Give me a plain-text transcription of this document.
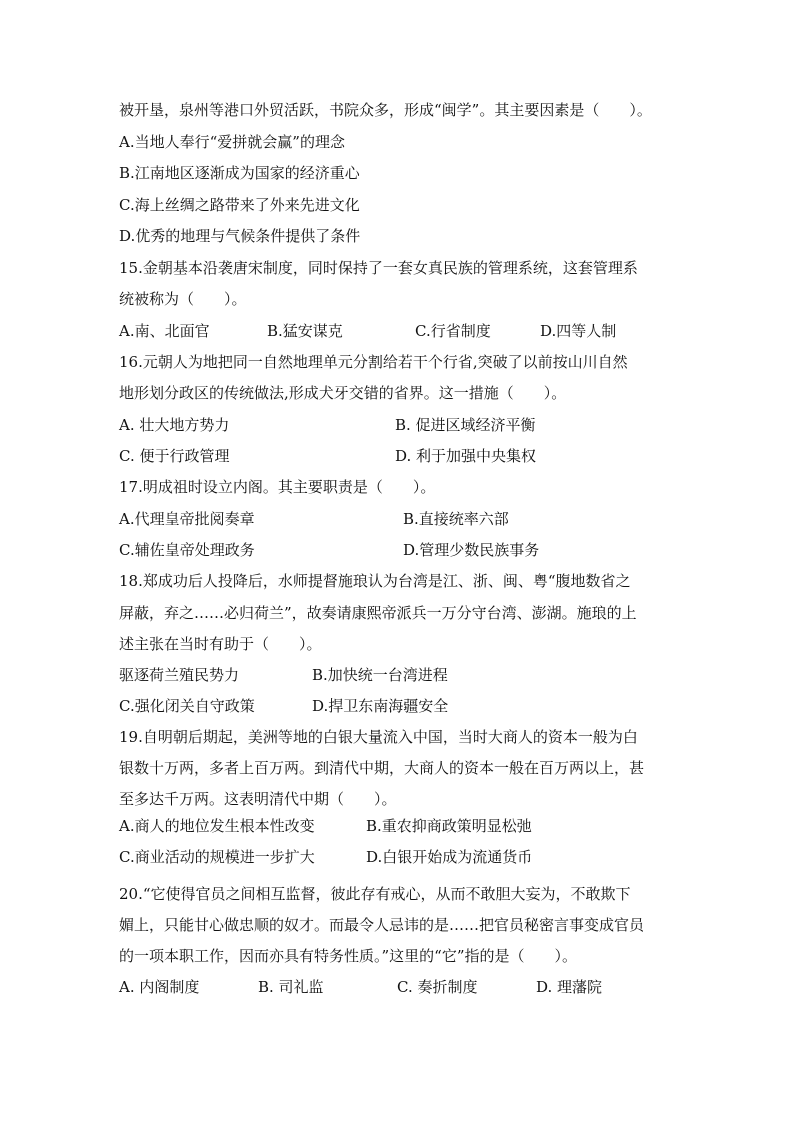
被开垦，泉州等港口外贸活跃，书院众多，形成“闽学”。其主要因素是（　　）。
A.当地人奉行“爱拼就会赢”的理念
B.江南地区逐渐成为国家的经济重心
C.海上丝绸之路带来了外来先进文化
D.优秀的地理与气候条件提供了条件
15.金朝基本沿袭唐宋制度，同时保持了一套女真民族的管理系统，这套管理系
统被称为（　　）。
A.南、北面官	B.猛安谋克	C.行省制度	D.四等人制
16.元朝人为地把同一自然地理单元分割给若干个行省,突破了以前按山川自然
地形划分政区的传统做法,形成犬牙交错的省界。这一措施（　　）。
A. 壮大地方势力	B. 促进区域经济平衡
C. 便于行政管理	D. 利于加强中央集权
17.明成祖时设立内阁。其主要职责是（　　）。
A.代理皇帝批阅奏章	B.直接统率六部
C.辅佐皇帝处理政务	D.管理少数民族事务
18.郑成功后人投降后，水师提督施琅认为台湾是江、浙、闽、粤“腹地数省之
屏蔽，弃之……必归荷兰”，故奏请康熙帝派兵一万分守台湾、澎湖。施琅的上
述主张在当时有助于（　　）。
驱逐荷兰殖民势力	B.加快统一台湾进程
C.强化闭关自守政策	D.捍卫东南海疆安全
19.自明朝后期起，美洲等地的白银大量流入中国，当时大商人的资本一般为白
银数十万两，多者上百万两。到清代中期，大商人的资本一般在百万两以上，甚
至多达千万两。这表明清代中期（　　）。
A.商人的地位发生根本性改变	B.重农抑商政策明显松弛
C.商业活动的规模进一步扩大	D.白银开始成为流通货币
20.“它使得官员之间相互监督，彼此存有戒心，从而不敢胆大妄为，不敢欺下
媚上，只能甘心做忠顺的奴才。而最令人忌讳的是……把官员秘密言事变成官员
的一项本职工作，因而亦具有特务性质。”这里的“它”指的是（　　）。
A. 内阁制度	B. 司礼监	C. 奏折制度	D. 理藩院
